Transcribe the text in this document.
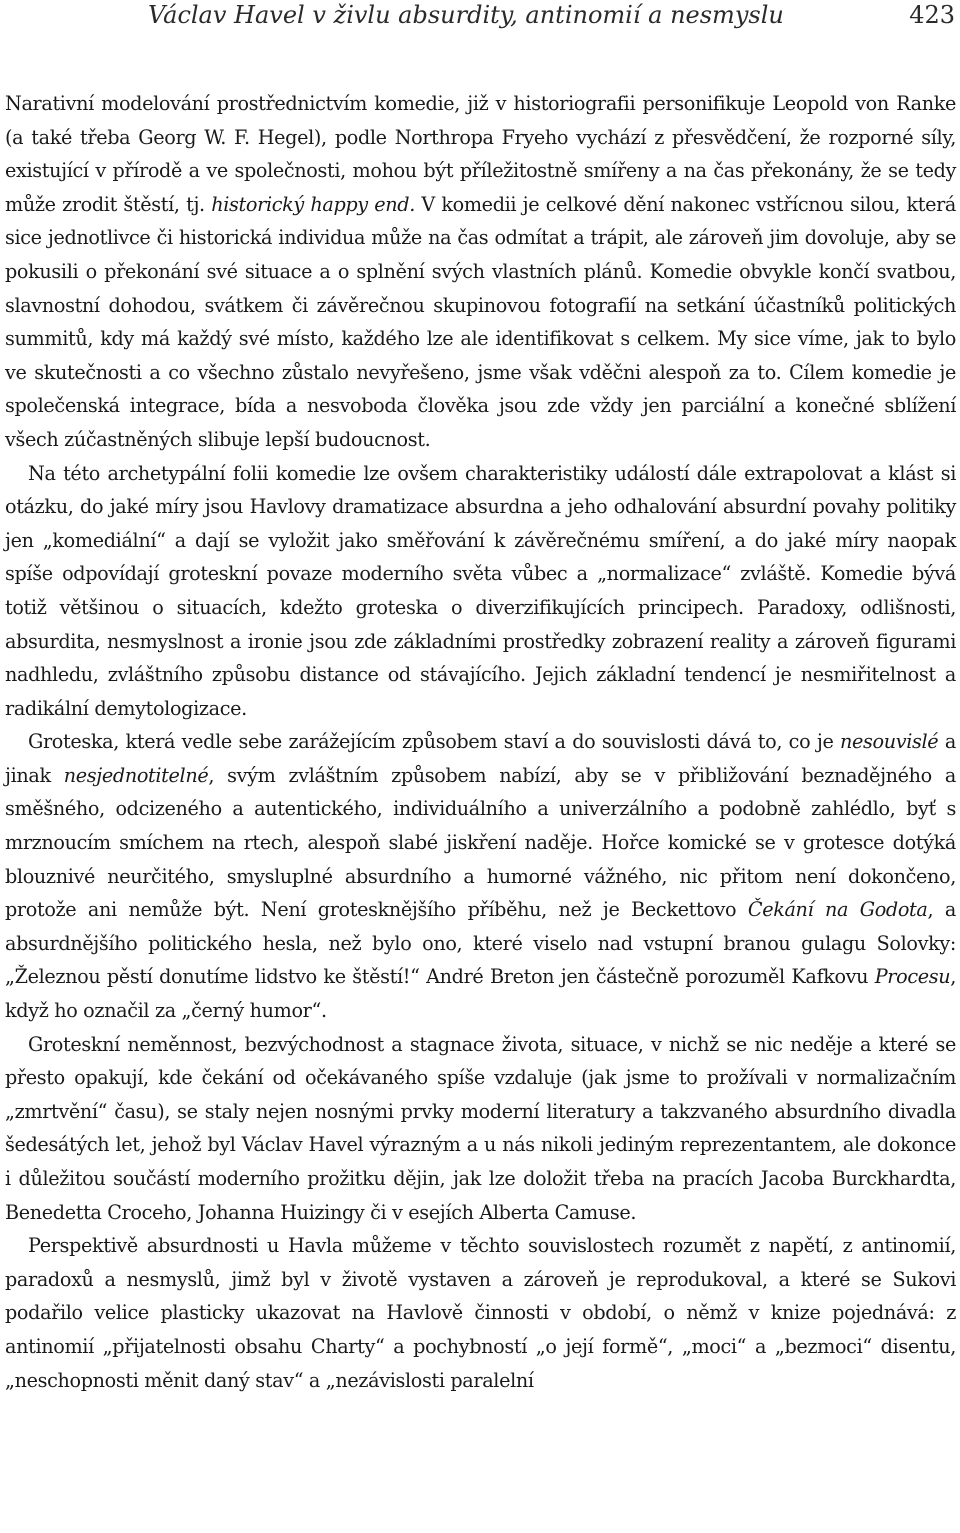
Václav Havel v živlu absurdity, antinomií a nesmyslu	423

Narativní modelování prostřednictvím komedie, již v historiografii personifikuje Leopold von Ranke (a také třeba Georg W. F. Hegel), podle Northropa Fryeho vychází z přesvědčení, že rozporné síly, existující v přírodě a ve společnosti, mohou být příležitostně smířeny a na čas překonány, že se tedy může zrodit štěstí, tj. historický happy end. V komedii je celkové dění nakonec vstřícnou silou, která sice jednotlivce či historická individua může na čas odmítat a trápit, ale zároveň jim dovoluje, aby se pokusili o překonání své situace a o splnění svých vlastních plánů. Komedie obvykle končí svatbou, slavnostní dohodou, svátkem či závěrečnou skupinovou fotografií na setkání účastníků politických summitů, kdy má každý své místo, každého lze ale identifikovat s celkem. My sice víme, jak to bylo ve skutečnosti a co všechno zůstalo nevyřešeno, jsme však vděčni alespoň za to. Cílem komedie je společenská integrace, bída a nesvoboda člověka jsou zde vždy jen parciální a konečné sblížení všech zúčastněných slibuje lepší budoucnost.

Na této archetypální folii komedie lze ovšem charakteristiky událostí dále extrapolovat a klást si otázku, do jaké míry jsou Havlovy dramatizace absurdna a jeho odhalování absurdní povahy politiky jen „komediální“ a dají se vyložit jako směřování k závěrečnému smíření, a do jaké míry naopak spíše odpovídají groteskní povaze moderního světa vůbec a „normalizace“ zvláště. Komedie bývá totiž většinou o situacích, kdežto groteska o diverzifikujících principech. Paradoxy, odlišnosti, absurdita, nesmyslnost a ironie jsou zde základními prostředky zobrazení reality a zároveň figurami nadhledu, zvláštního způsobu distance od stávajícího. Jejich základní tendencí je nesmiřitelnost a radikální demytologizace.

Groteska, která vedle sebe zarážejícím způsobem staví a do souvislosti dává to, co je nesouvislé a jinak nesjednotitelné, svým zvláštním způsobem nabízí, aby se v přibližování beznadějného a směšného, odcizeného a autentického, individuálního a univerzálního a podobně zahlédlo, byť s mrznoucím smíchem na rtech, alespoň slabé jiskření naděje. Hořce komické se v grotesce dotýká blouznivé neurčitého, smysluplné absurdního a humorné vážného, nic přitom není dokončeno, protože ani nemůže být. Není grotesknějšího příběhu, než je Beckettovo Čekání na Godota, a absurdnějšího politického hesla, než bylo ono, které viselo nad vstupní branou gulagu Solovky: „Železnou pěstí donutíme lidstvo ke štěstí!“ André Breton jen částečně porozuměl Kafkovu Procesu, když ho označil za „černý humor“.

Groteskní neměnnost, bezvýchodnost a stagnace života, situace, v nichž se nic neděje a které se přesto opakují, kde čekání od očekávaného spíše vzdaluje (jak jsme to prožívali v normalizačním „zmrtvění“ času), se staly nejen nosnými prvky moderní literatury a takzvaného absurdního divadla šedesátých let, jehož byl Václav Havel výrazným a u nás nikoli jediným reprezentantem, ale dokonce i důležitou součástí moderního prožitku dějin, jak lze doložit třeba na pracích Jacoba Burckhardta, Benedetta Croceho, Johanna Huizingy či v esejích Alberta Camuse.

Perspektivě absurdnosti u Havla můžeme v těchto souvislostech rozumět z napětí, z antinomií, paradoxů a nesmyslů, jimž byl v životě vystaven a zároveň je reprodukoval, a které se Sukovi podařilo velice plasticky ukazovat na Havlově činnosti v období, o němž v knize pojednává: z antinomií „přijatelnosti obsahu Charty“ a pochybností „o její formě“, „moci“ a „bezmoci“ disentu, „neschopnosti měnit daný stav“ a „nezávislosti paralelní
